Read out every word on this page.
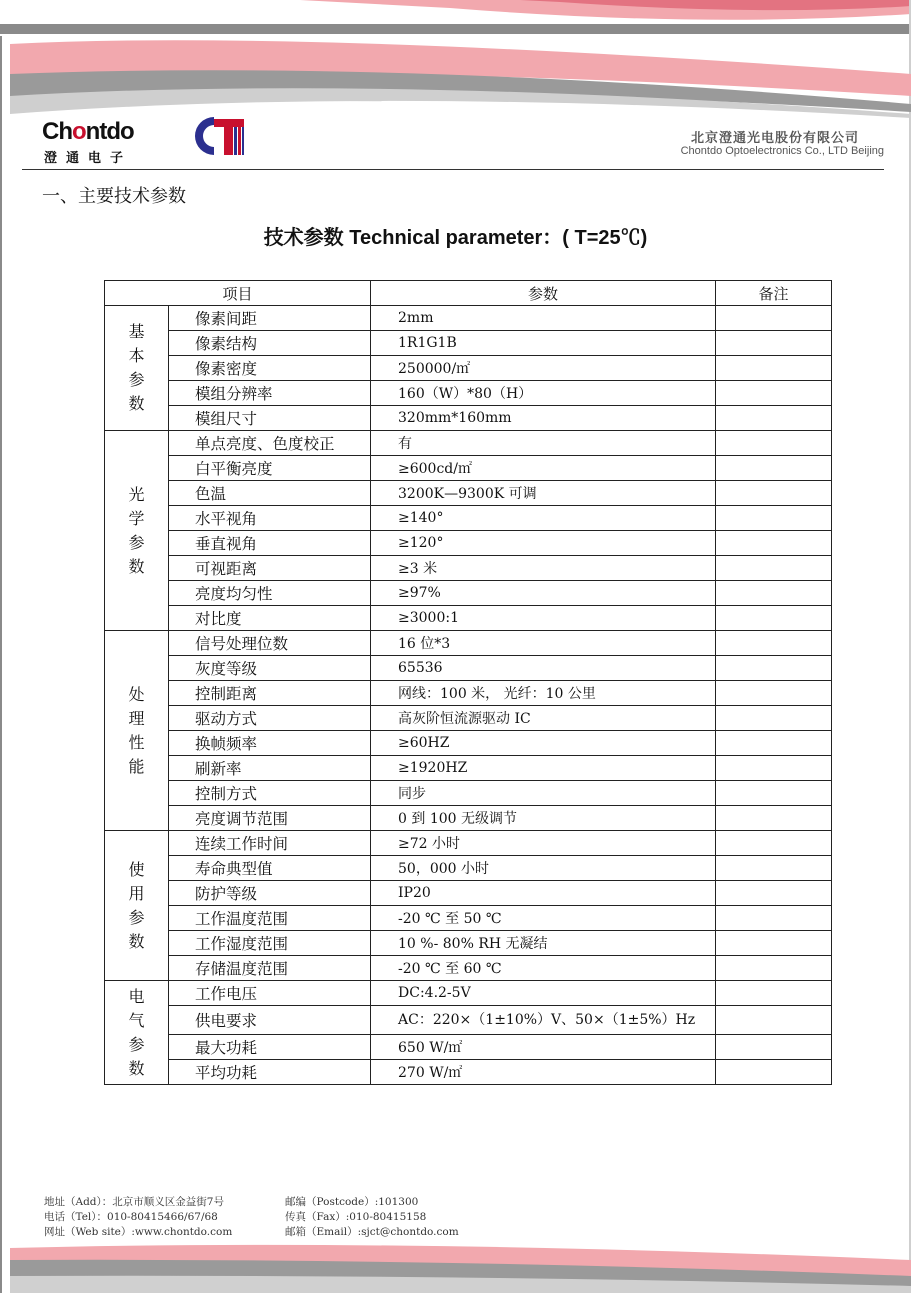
Chontdo
澄通电子
北京澄通光电股份有限公司
Chontdo Optoelectronics Co., LTD Beijing
一、主要技术参数
技术参数 Technical parameter：( T=25℃)
项目		参数	备注

基
本
参
数	像素间距	2mm	
	像素结构	1R1G1B	
	像素密度	250000/㎡	
	模组分辨率	160（W）*80（H）	
	模组尺寸	320mm*160mm	

光
学
参
数	单点亮度、色度校正	有	
	白平衡亮度	≥600cd/㎡	
	色温	3200K—9300K 可调	
	水平视角	≥140°	
	垂直视角	≥120°	
	可视距离	≥3 米	
	亮度均匀性	≥97%	
	对比度	≥3000:1	

处
理
性
能	信号处理位数	16 位*3	
	灰度等级	65536	
	控制距离	网线：100 米， 光纤：10 公里	
	驱动方式	高灰阶恒流源驱动 IC	
	换帧频率	≥60HZ	
	刷新率	≥1920HZ	
	控制方式	同步	
	亮度调节范围	0 到 100 无级调节	

使
用
参
数	连续工作时间	≥72 小时	
	寿命典型值	50，000 小时	
	防护等级	IP20	
	工作温度范围	-20 ℃ 至 50 ℃	
	工作湿度范围	10 %- 80% RH 无凝结	
	存储温度范围	-20 ℃ 至 60 ℃	

电
气
参
数	工作电压	DC:4.2-5V	
	供电要求	AC：220×（1±10%）V、50×（1±5%）Hz	
	最大功耗	650 W/㎡	
	平均功耗	270 W/㎡	
地址（Add）：北京市顺义区金益街7号
电话（Tel）：010-80415466/67/68
网址（Web site）:www.chontdo.com
邮编（Postcode）:101300
传真（Fax）:010-80415158
邮箱（Email）:sjct@chontdo.com
